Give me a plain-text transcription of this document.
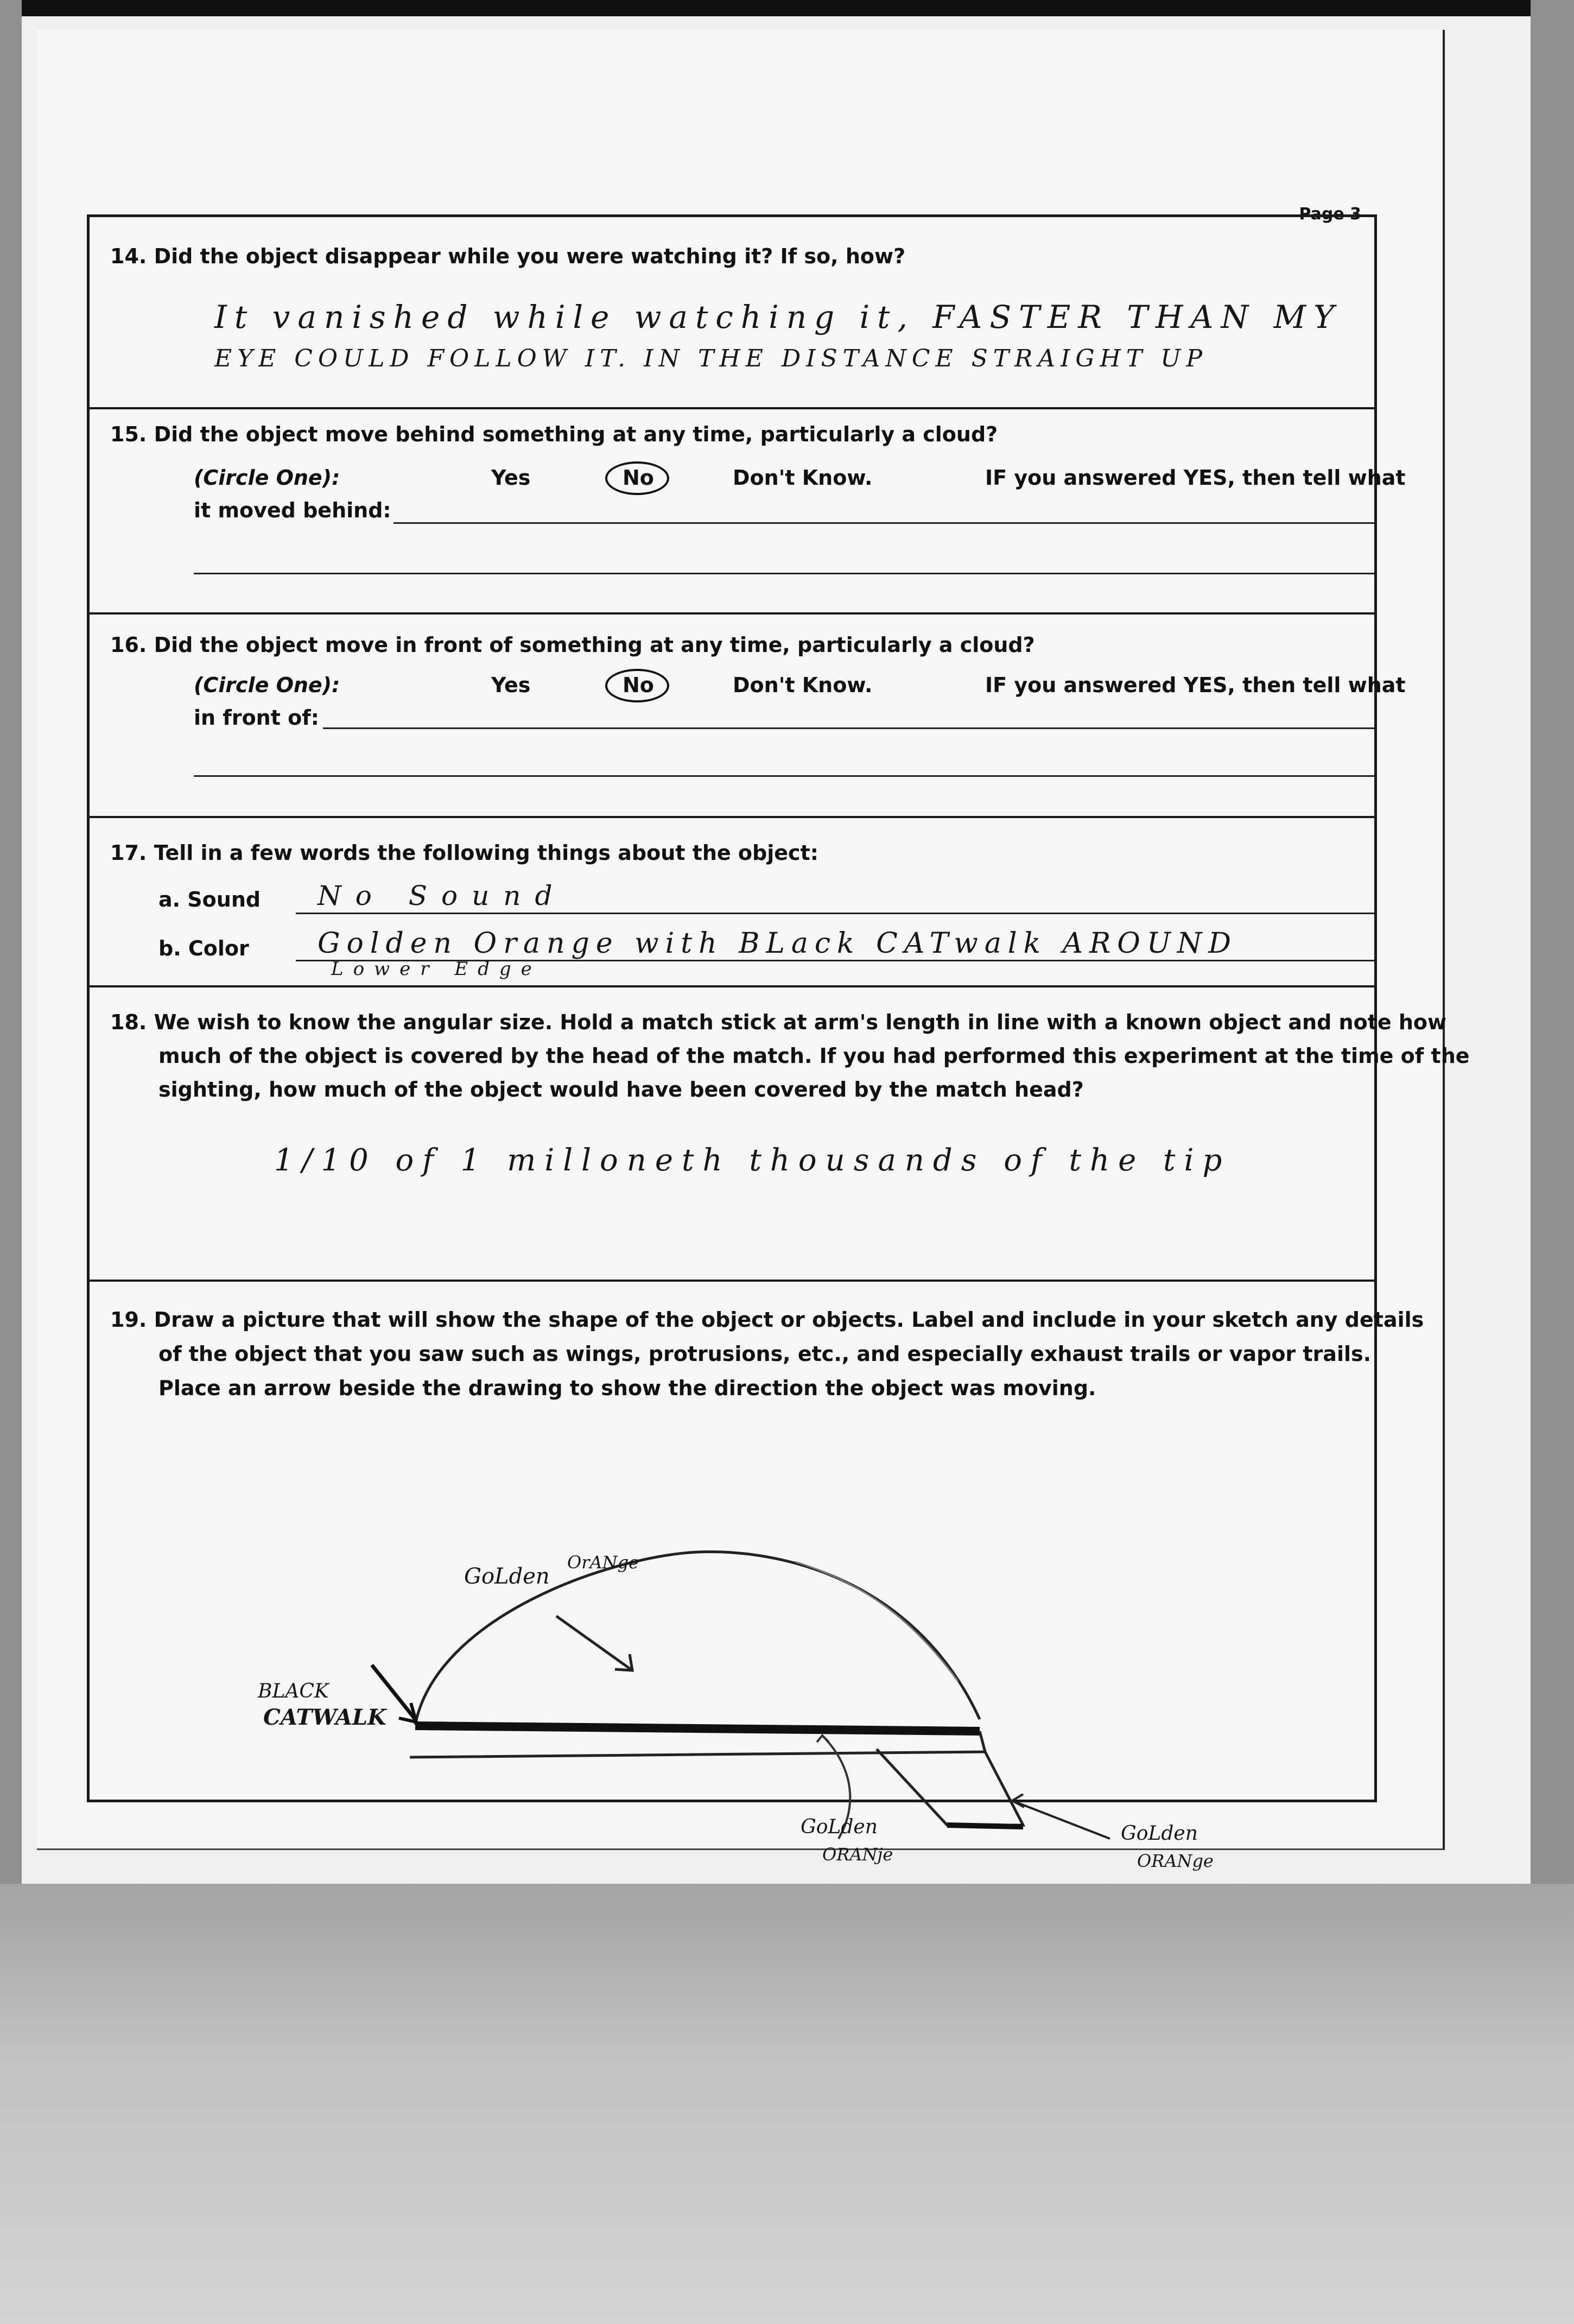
Page 3
14. Did the object disappear while you were watching it? If so, how?
It vanished while watching it, FASTER THAN MY
EYE COULD FOLLOW IT. IN THE DISTANCE STRAIGHT UP
15. Did the object move behind something at any time, particularly a cloud?
(Circle One):	Yes	No	Don't Know.	IF you answered YES, then tell what
it moved behind:
16. Did the object move in front of something at any time, particularly a cloud?
(Circle One):	Yes	No	Don't Know.	IF you answered YES, then tell what
in front of:
17. Tell in a few words the following things about the object:
a. Sound No Sound
b. Color Golden Orange with BLack CATwalk AROUND
Lower Edge
18. We wish to know the angular size. Hold a match stick at arm's length in line with a known object and note how
much of the object is covered by the head of the match. If you had performed this experiment at the time of the
sighting, how much of the object would have been covered by the match head?
1/10 of 1 milloneth thousands of the tip
19. Draw a picture that will show the shape of the object or objects. Label and include in your sketch any details
of the object that you saw such as wings, protrusions, etc., and especially exhaust trails or vapor trails.
Place an arrow beside the drawing to show the direction the object was moving.
GoLden
OrANge
BLACK
CATWALK
GoLden
ORANje
GoLden
ORANge
